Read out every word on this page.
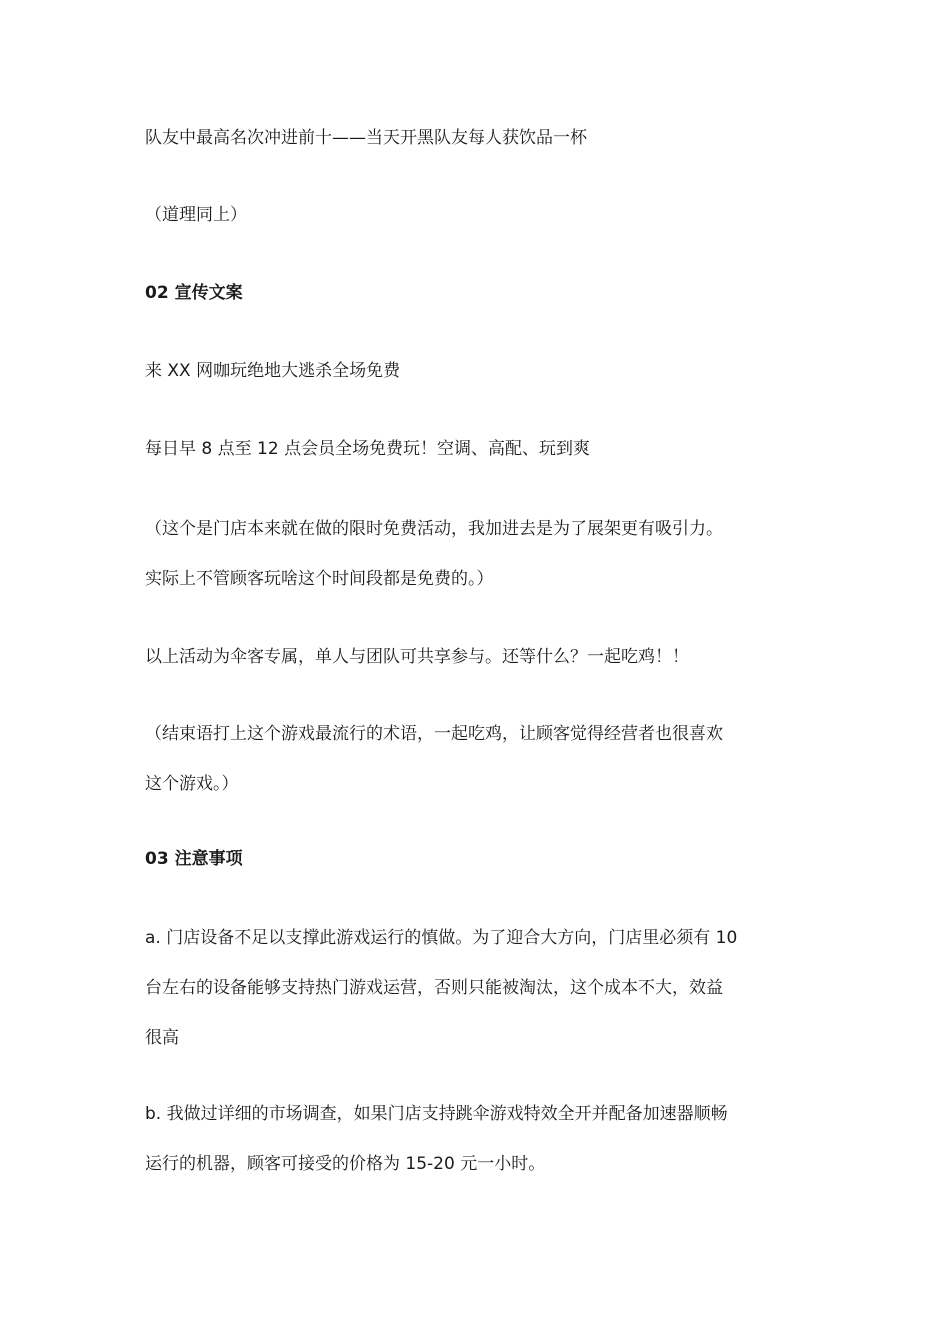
队友中最高名次冲进前十——当天开黑队友每人获饮品一杯

（道理同上）

02 宣传文案

来 XX 网咖玩绝地大逃杀全场免费

每日早 8 点至 12 点会员全场免费玩！空调、高配、玩到爽

（这个是门店本来就在做的限时免费活动，我加进去是为了展架更有吸引力。
实际上不管顾客玩啥这个时间段都是免费的。）

以上活动为伞客专属，单人与团队可共享参与。还等什么？一起吃鸡！！

（结束语打上这个游戏最流行的术语，一起吃鸡，让顾客觉得经营者也很喜欢
这个游戏。）

03 注意事项

a. 门店设备不足以支撑此游戏运行的慎做。为了迎合大方向，门店里必须有 10
台左右的设备能够支持热门游戏运营，否则只能被淘汰，这个成本不大，效益
很高
b. 我做过详细的市场调查，如果门店支持跳伞游戏特效全开并配备加速器顺畅
运行的机器，顾客可接受的价格为 15-20 元一小时。
